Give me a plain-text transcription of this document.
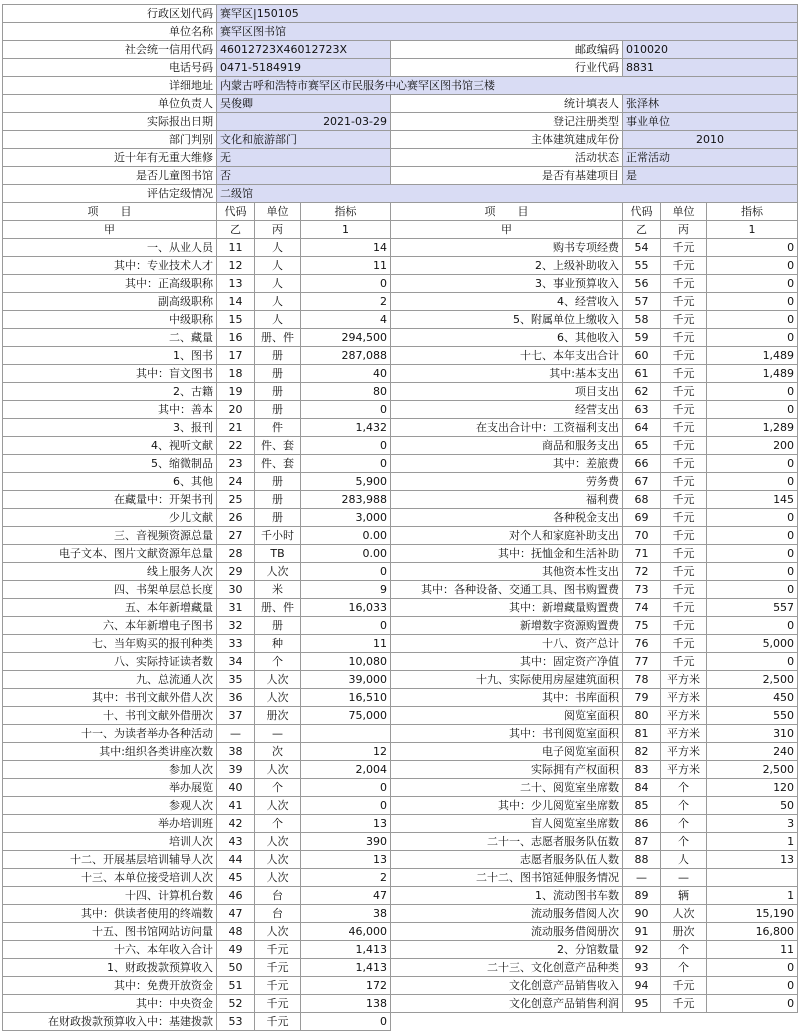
行政区划代码	赛罕区|150105						
单位名称	赛罕区图书馆						
社会统一信用代码	46012723X46012723X			邮政编码	010020		
电话号码	0471-5184919			行业代码	8831		
详细地址	内蒙古呼和浩特市赛罕区市民服务中心赛罕区图书馆三楼						
单位负责人	吴俊卿			统计填表人	张泽林		
实际报出日期	2021-03-29			登记注册类型	事业单位		
部门判别	文化和旅游部门			主体建筑建成年份	2010		
近十年有无重大维修	无			活动状态	正常活动		
是否儿童图书馆	否			是否有基建项目	是		
评估定级情况	二级馆						
项　　目	代码	单位	指标	项　　目	代码	单位	指标
甲	乙	丙	1	甲	乙	丙	1
一、从业人员	11	人	14	购书专项经费	54	千元	0
其中：专业技术人才	12	人	11	2、上级补助收入	55	千元	0
其中：正高级职称	13	人	0	3、事业预算收入	56	千元	0
副高级职称	14	人	2	4、经营收入	57	千元	0
中级职称	15	人	4	5、附属单位上缴收入	58	千元	0
二、藏量	16	册、件	294,500	6、其他收入	59	千元	0
1、图书	17	册	287,088	十七、本年支出合计	60	千元	1,489
其中：盲文图书	18	册	40	其中:基本支出	61	千元	1,489
2、古籍	19	册	80	项目支出	62	千元	0
其中：善本	20	册	0	经营支出	63	千元	0
3、报刊	21	件	1,432	在支出合计中：工资福利支出	64	千元	1,289
4、视听文献	22	件、套	0	商品和服务支出	65	千元	200
5、缩微制品	23	件、套	0	其中：差旅费	66	千元	0
6、其他	24	册	5,900	劳务费	67	千元	0
在藏量中：开架书刊	25	册	283,988	福利费	68	千元	145
少儿文献	26	册	3,000	各种税金支出	69	千元	0
三、音视频资源总量	27	千小时	0.00	对个人和家庭补助支出	70	千元	0
电子文本、图片文献资源年总量	28	TB	0.00	其中：抚恤金和生活补助	71	千元	0
线上服务人次	29	人次	0	其他资本性支出	72	千元	0
四、书架单层总长度	30	米	9	其中：各种设备、交通工具、图书购置费	73	千元	0
五、本年新增藏量	31	册、件	16,033	其中：新增藏量购置费	74	千元	557
六、本年新增电子图书	32	册	0	新增数字资源购置费	75	千元	0
七、当年购买的报刊种类	33	种	11	十八、资产总计	76	千元	5,000
八、实际持证读者数	34	个	10,080	其中：固定资产净值	77	千元	0
九、总流通人次	35	人次	39,000	十九、实际使用房屋建筑面积	78	平方米	2,500
其中：书刊文献外借人次	36	人次	16,510	其中：书库面积	79	平方米	450
十、书刊文献外借册次	37	册次	75,000	阅览室面积	80	平方米	550
十一、为读者举办各种活动	—	—		其中：书刊阅览室面积	81	平方米	310
其中:组织各类讲座次数	38	次	12	电子阅览室面积	82	平方米	240
参加人次	39	人次	2,004	实际拥有产权面积	83	平方米	2,500
举办展览	40	个	0	二十、阅览室坐席数	84	个	120
参观人次	41	人次	0	其中：少儿阅览室坐席数	85	个	50
举办培训班	42	个	13	盲人阅览室坐席数	86	个	3
培训人次	43	人次	390	二十一、志愿者服务队伍数	87	个	1
十二、开展基层培训辅导人次	44	人次	13	志愿者服务队伍人数	88	人	13
十三、本单位接受培训人次	45	人次	2	二十二、图书馆延伸服务情况	—	—	
十四、计算机台数	46	台	47	1、流动图书车数	89	辆	1
其中：供读者使用的终端数	47	台	38	流动服务借阅人次	90	人次	15,190
十五、图书馆网站访问量	48	人次	46,000	流动服务借阅册次	91	册次	16,800
十六、本年收入合计	49	千元	1,413	2、分馆数量	92	个	11
1、财政拨款预算收入	50	千元	1,413	二十三、文化创意产品种类	93	个	0
其中：免费开放资金	51	千元	172	文化创意产品销售收入	94	千元	0
其中：中央资金	52	千元	138	文化创意产品销售利润	95	千元	0
在财政拨款预算收入中：基建拨款	53	千元	0				
